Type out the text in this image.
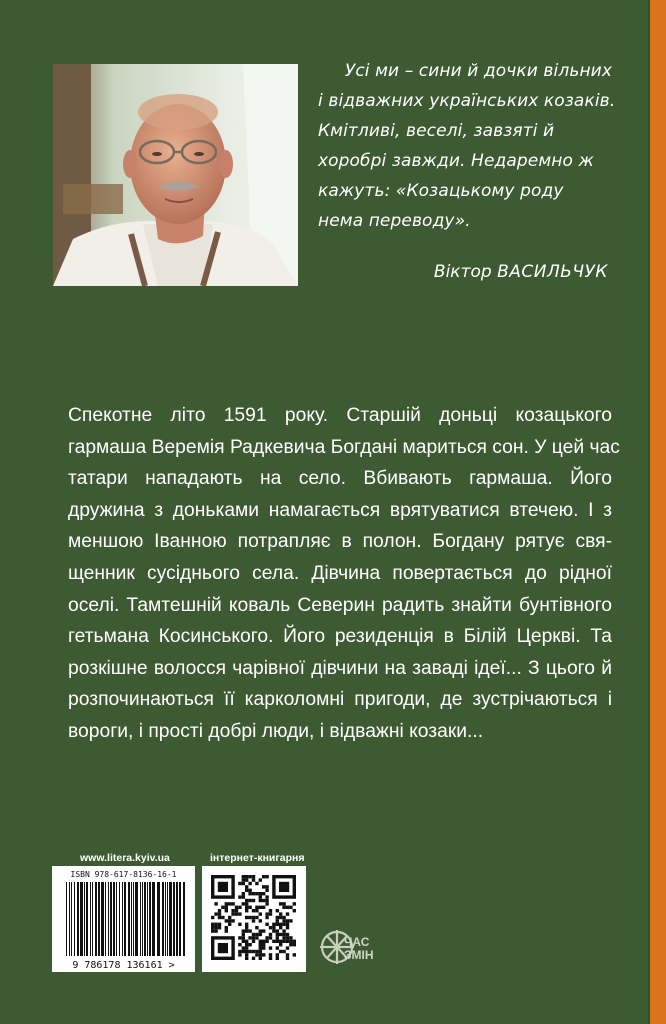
Усі ми – сини й дочки вільних
і відважних українських козаків.
Кмітливі, веселі, завзяті й
хоробрі завжди. Недаремно ж
кажуть: «Козацькому роду
нема переводу».
Віктор ВАСИЛЬЧУК
Спекотне літо 1591 року. Старшій доньці козацького
гармаша Веремія Радкевича Богдані мариться сон. У цей час
татари нападають на село. Вбивають гармаша. Його
дружина з доньками намагається врятуватися втечею. І з
меншою Іванною потрапляє в полон. Богдану рятує свя-
щенник сусіднього села. Дівчина повертається до рідної
оселі. Тамтешній коваль Северин радить знайти бунтівного
гетьмана Косинського. Його резиденція в Білій Церкві. Та
розкішне волосся чарівної дівчини на заваді ідеї... З цього й
розпочинаються її карколомні пригоди, де зустрічаються і
вороги, і прості добрі люди, і відважні козаки...
www.litera.kyiv.ua	інтернет-книгарня
ISBN 978-617-8136-16-1
9 786178 136161 >
ЧАС
ЗМІН
